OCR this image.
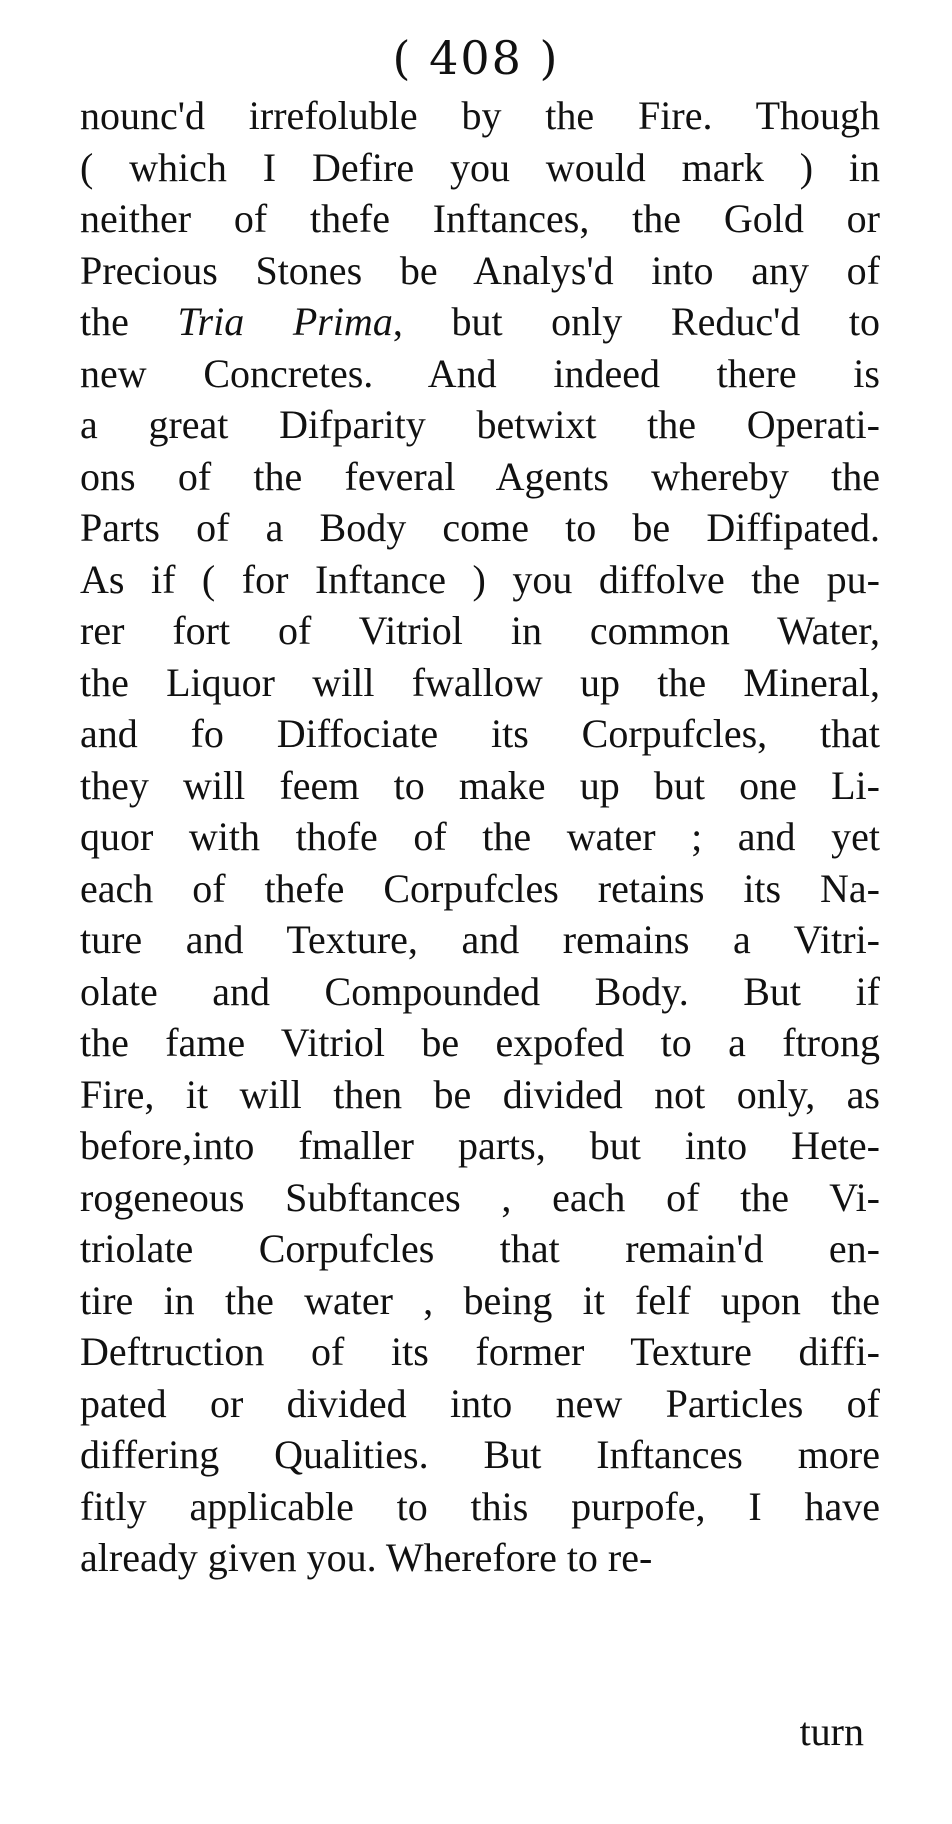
( 408 )
nounc'd irrefoluble by the Fire. Though
( which I Defire you would mark ) in
neither of thefe Inftances, the Gold or
Precious Stones be Analys'd into any of
the Tria Prima, but only Reduc'd to
new Concretes. And indeed there is
a great Difparity betwixt the Operati-
ons of the feveral Agents whereby the
Parts of a Body come to be Diffipated.
As if ( for Inftance ) you diffolve the pu-
rer fort of Vitriol in common Water,
the Liquor will fwallow up the Mineral,
and fo Diffociate its Corpufcles, that
they will feem to make up but one Li-
quor with thofe of the water ; and yet
each of thefe Corpufcles retains its Na-
ture and Texture, and remains a Vitri-
olate and Compounded Body. But if
the fame Vitriol be expofed to a ftrong
Fire, it will then be divided not only, as
before,into fmaller parts, but into Hete-
rogeneous Subftances , each of the Vi-
triolate Corpufcles that remain'd en-
tire in the water , being it felf upon the
Deftruction of its former Texture diffi-
pated or divided into new Particles of
differing Qualities. But Inftances more
fitly applicable to this purpofe, I have
already given you. Wherefore to re-
turn
